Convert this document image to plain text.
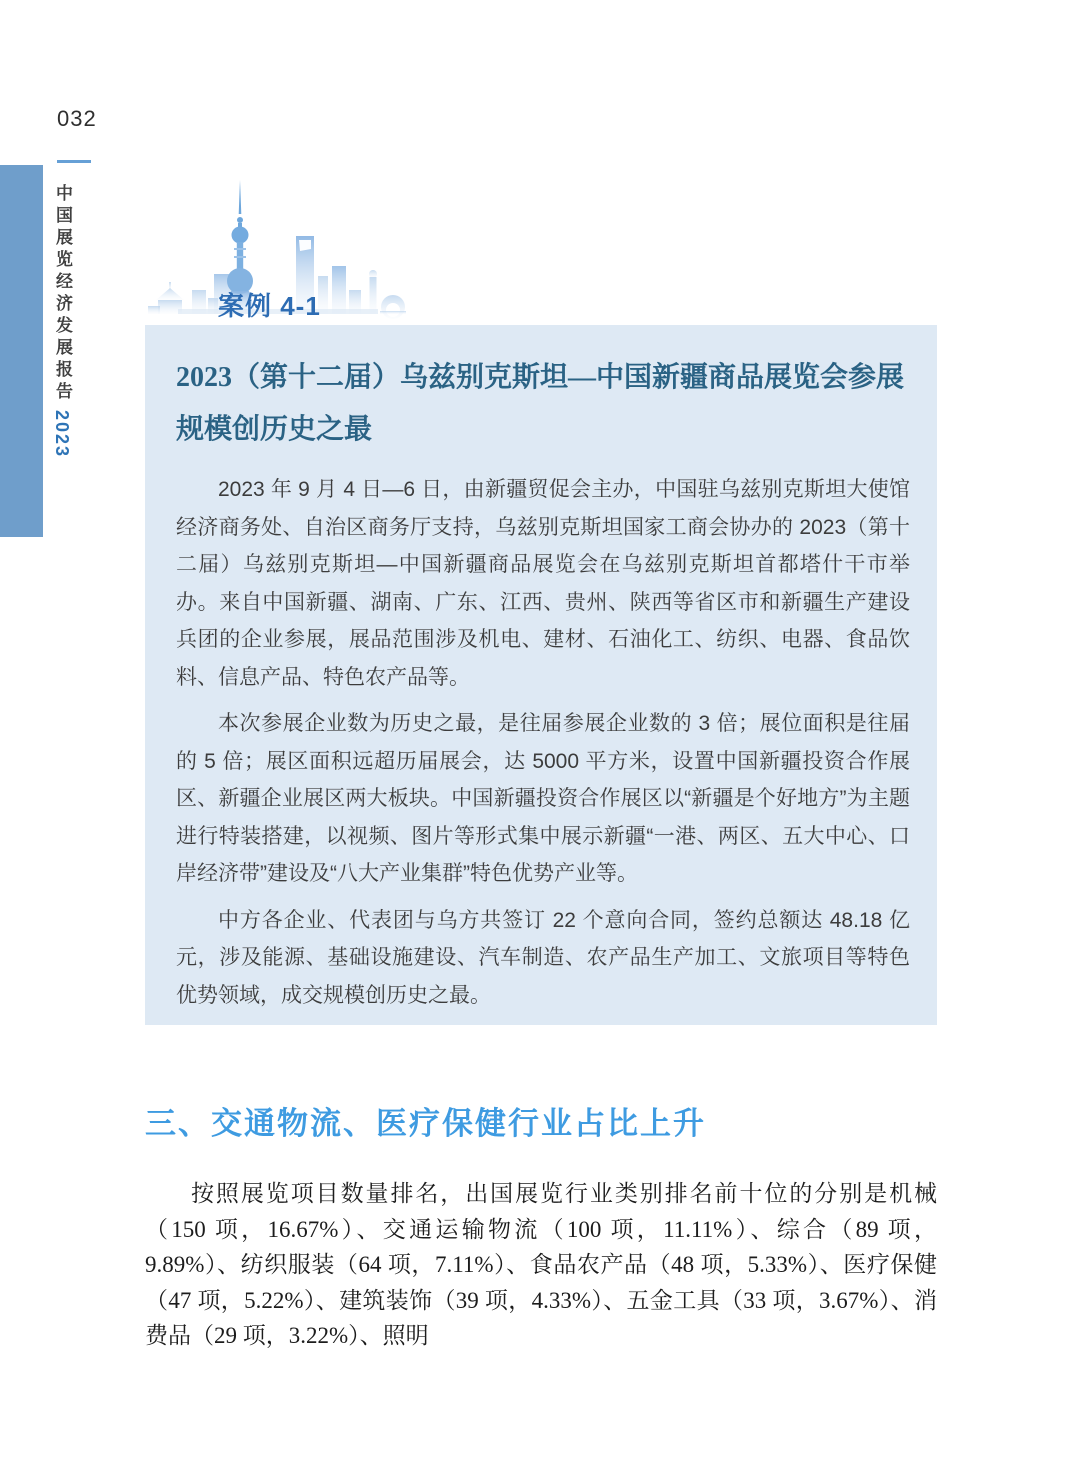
032
中国展览经济发展报告2023
案例 4-1
2023（第十二届）乌兹别克斯坦—中国新疆商品展览会参展规模创历史之最

2023 年 9 月 4 日—6 日，由新疆贸促会主办，中国驻乌兹别克斯坦大使馆经济商务处、自治区商务厅支持，乌兹别克斯坦国家工商会协办的 2023（第十二届）乌兹别克斯坦—中国新疆商品展览会在乌兹别克斯坦首都塔什干市举办。来自中国新疆、湖南、广东、江西、贵州、陕西等省区市和新疆生产建设兵团的企业参展，展品范围涉及机电、建材、石油化工、纺织、电器、食品饮料、信息产品、特色农产品等。

本次参展企业数为历史之最，是往届参展企业数的 3 倍；展位面积是往届的 5 倍；展区面积远超历届展会，达 5000 平方米，设置中国新疆投资合作展区、新疆企业展区两大板块。中国新疆投资合作展区以“新疆是个好地方”为主题进行特装搭建，以视频、图片等形式集中展示新疆“一港、两区、五大中心、口岸经济带”建设及“八大产业集群”特色优势产业等。

中方各企业、代表团与乌方共签订 22 个意向合同，签约总额达 48.18 亿元，涉及能源、基础设施建设、汽车制造、农产品生产加工、文旅项目等特色优势领域，成交规模创历史之最。

三、交通物流、医疗保健行业占比上升

按照展览项目数量排名，出国展览行业类别排名前十位的分别是机械（150 项，16.67%）、交通运输物流（100 项，11.11%）、综合（89 项，9.89%）、纺织服装（64 项，7.11%）、食品农产品（48 项，5.33%）、医疗保健（47 项，5.22%）、建筑装饰（39 项，4.33%）、五金工具（33 项，3.67%）、消费品（29 项，3.22%）、照明
